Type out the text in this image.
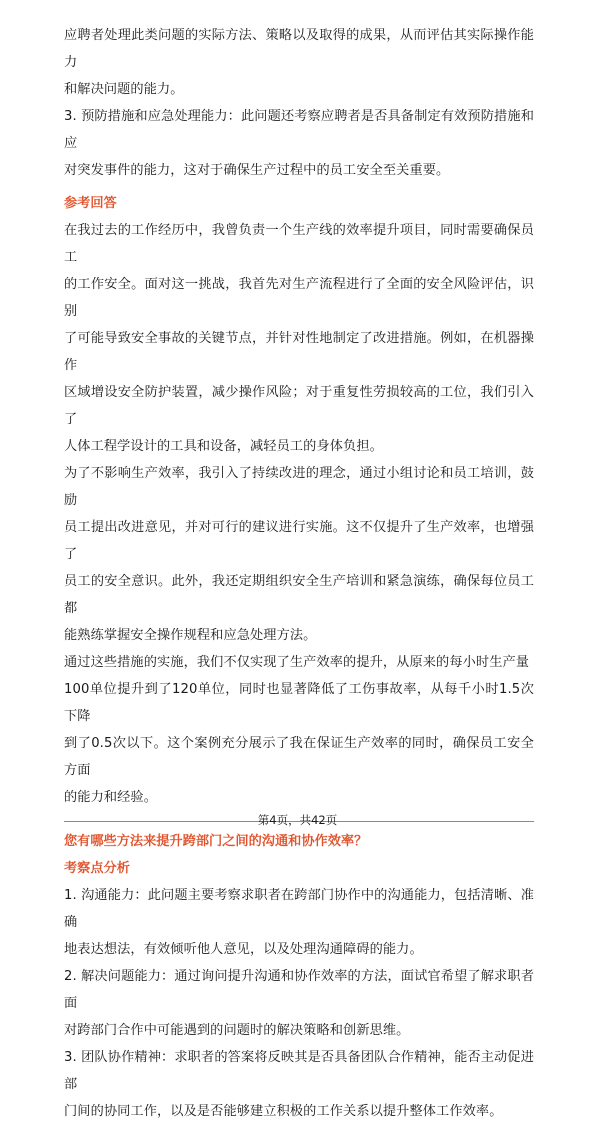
应聘者处理此类问题的实际方法、策略以及取得的成果，从而评估其实际操作能力

和解决问题的能力。

3. 预防措施和应急处理能力：此问题还考察应聘者是否具备制定有效预防措施和应

对突发事件的能力，这对于确保生产过程中的员工安全至关重要。

参考回答

在我过去的工作经历中，我曾负责一个生产线的效率提升项目，同时需要确保员工

的工作安全。面对这一挑战，我首先对生产流程进行了全面的安全风险评估，识别

了可能导致安全事故的关键节点，并针对性地制定了改进措施。例如，在机器操作

区域增设安全防护装置，减少操作风险；对于重复性劳损较高的工位，我们引入了

人体工程学设计的工具和设备，减轻员工的身体负担。

为了不影响生产效率，我引入了持续改进的理念，通过小组讨论和员工培训，鼓励

员工提出改进意见，并对可行的建议进行实施。这不仅提升了生产效率，也增强了

员工的安全意识。此外，我还定期组织安全生产培训和紧急演练，确保每位员工都

能熟练掌握安全操作规程和应急处理方法。

通过这些措施的实施，我们不仅实现了生产效率的提升，从原来的每小时生产量

100单位提升到了120单位，同时也显著降低了工伤事故率，从每千小时1.5次下降

到了0.5次以下。这个案例充分展示了我在保证生产效率的同时，确保员工安全方面

的能力和经验。

您有哪些方法来提升跨部门之间的沟通和协作效率？

考察点分析

1. 沟通能力：此问题主要考察求职者在跨部门协作中的沟通能力，包括清晰、准确

地表达想法，有效倾听他人意见，以及处理沟通障碍的能力。

2. 解决问题能力：通过询问提升沟通和协作效率的方法，面试官希望了解求职者面

对跨部门合作中可能遇到的问题时的解决策略和创新思维。

3. 团队协作精神：求职者的答案将反映其是否具备团队合作精神，能否主动促进部

门间的协同工作，以及是否能够建立积极的工作关系以提升整体工作效率。

第4页，共42页
